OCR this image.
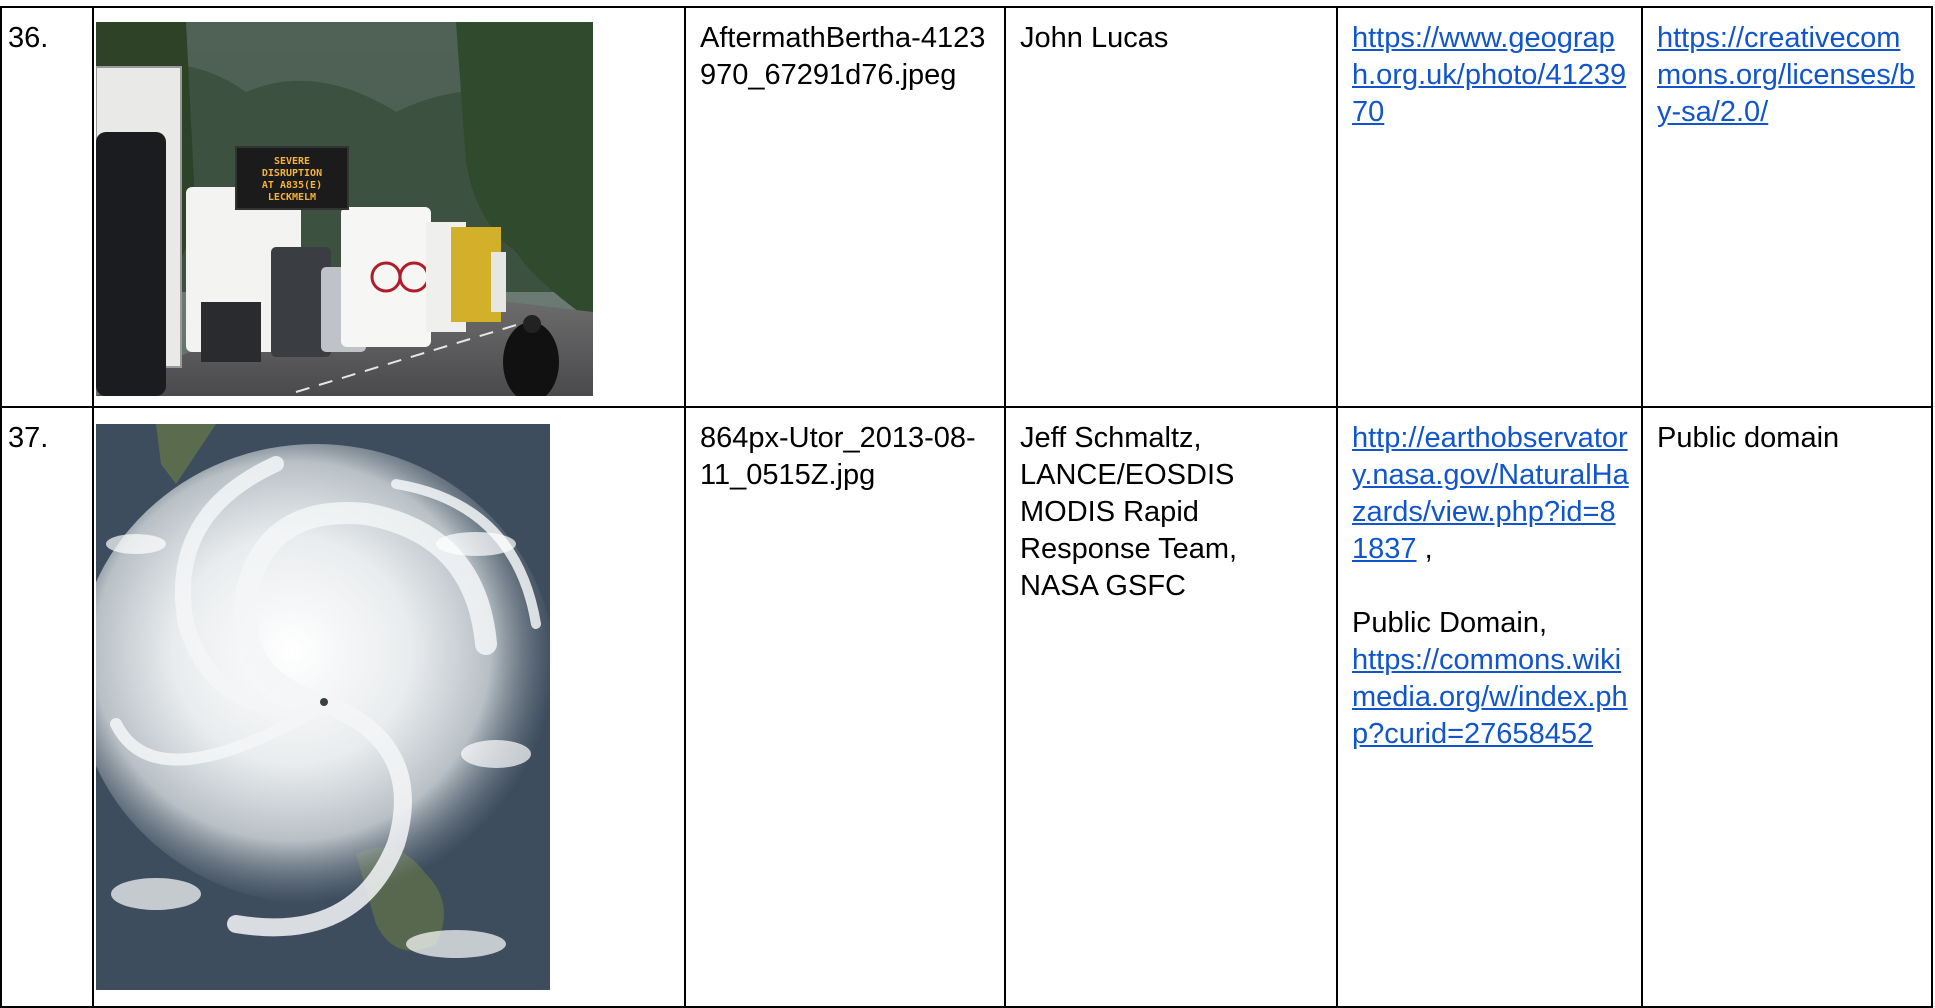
36.		AftermathBertha-4123970_67291d76.jpeg	John Lucas	https://www.geograph.org.uk/photo/4123970	https://creativecommons.org/licenses/by-sa/2.0/
37.		864px-Utor_2013-08-11_0515Z.jpg	Jeff Schmaltz, LANCE/EOSDIS MODIS Rapid Response Team, NASA GSFC	http://earthobservatory.nasa.gov/NaturalHazards/view.php?id=81837 ,
Public Domain,
https://commons.wikimedia.org/w/index.php?curid=27658452	Public domain
SEVERE
DISRUPTION
AT A835(E)
LECKMELM
